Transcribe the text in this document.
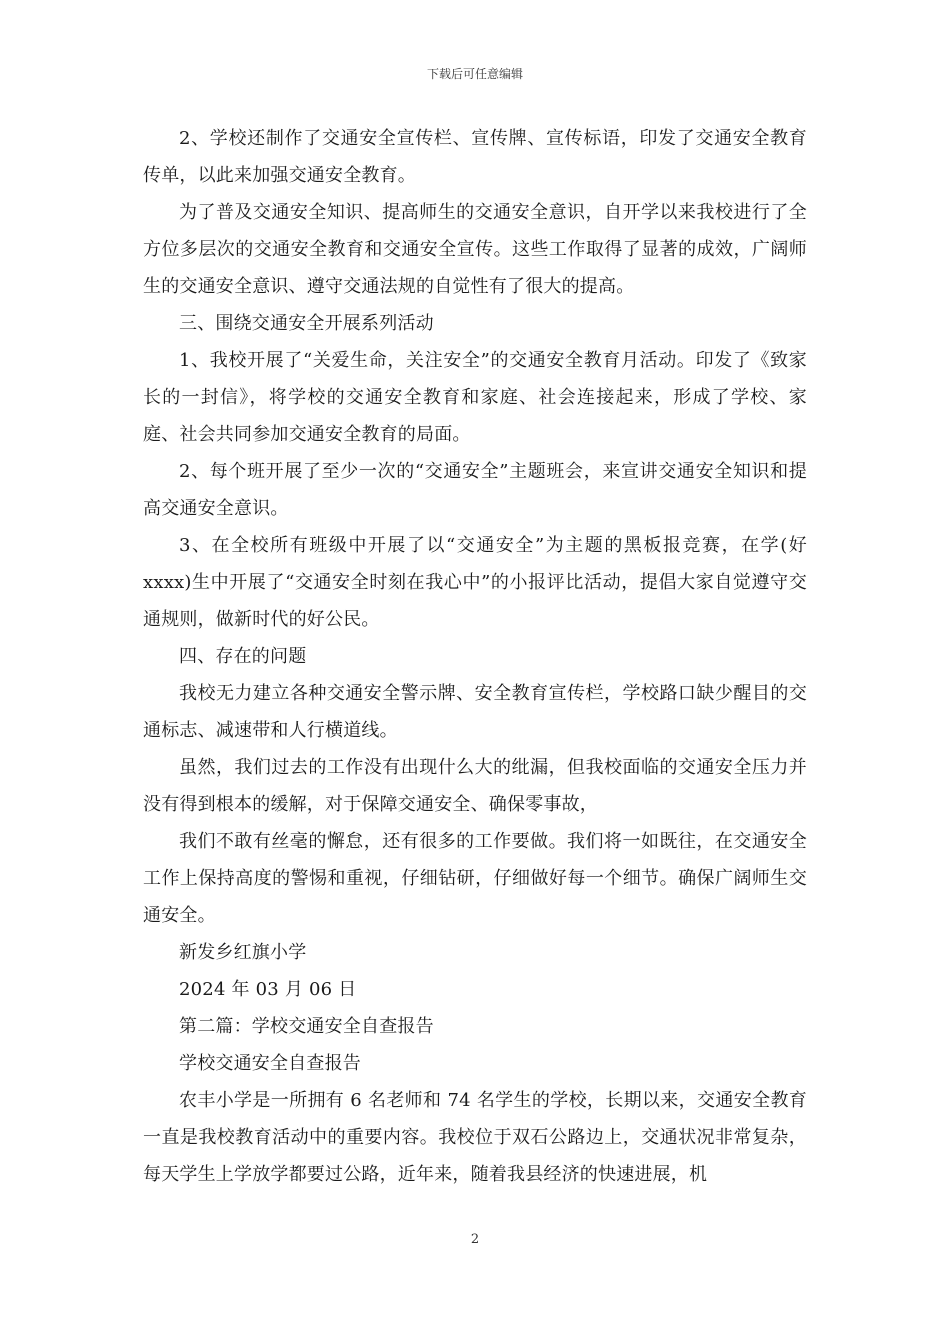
下载后可任意编辑

2、学校还制作了交通安全宣传栏、宣传牌、宣传标语，印发了交通安全教育传单，以此来加强交通安全教育。

为了普及交通安全知识、提高师生的交通安全意识，自开学以来我校进行了全方位多层次的交通安全教育和交通安全宣传。这些工作取得了显著的成效，广阔师生的交通安全意识、遵守交通法规的自觉性有了很大的提高。

三、围绕交通安全开展系列活动

1、我校开展了“关爱生命，关注安全”的交通安全教育月活动。印发了《致家长的一封信》，将学校的交通安全教育和家庭、社会连接起来，形成了学校、家庭、社会共同参加交通安全教育的局面。

2、每个班开展了至少一次的“交通安全”主题班会，来宣讲交通安全知识和提高交通安全意识。

3、在全校所有班级中开展了以“交通安全”为主题的黑板报竞赛，在学(好 xxxx)生中开展了“交通安全时刻在我心中”的小报评比活动，提倡大家自觉遵守交通规则，做新时代的好公民。

四、存在的问题

我校无力建立各种交通安全警示牌、安全教育宣传栏，学校路口缺少醒目的交通标志、减速带和人行横道线。

虽然，我们过去的工作没有出现什么大的纰漏，但我校面临的交通安全压力并没有得到根本的缓解，对于保障交通安全、确保零事故，

我们不敢有丝毫的懈怠，还有很多的工作要做。我们将一如既往，在交通安全工作上保持高度的警惕和重视，仔细钻研，仔细做好每一个细节。确保广阔师生交通安全。

新发乡红旗小学

2024 年 03 月 06 日

第二篇：学校交通安全自查报告

学校交通安全自查报告

农丰小学是一所拥有 6 名老师和 74 名学生的学校，长期以来，交通安全教育一直是我校教育活动中的重要内容。我校位于双石公路边上，交通状况非常复杂，每天学生上学放学都要过公路，近年来，随着我县经济的快速进展，机

2
